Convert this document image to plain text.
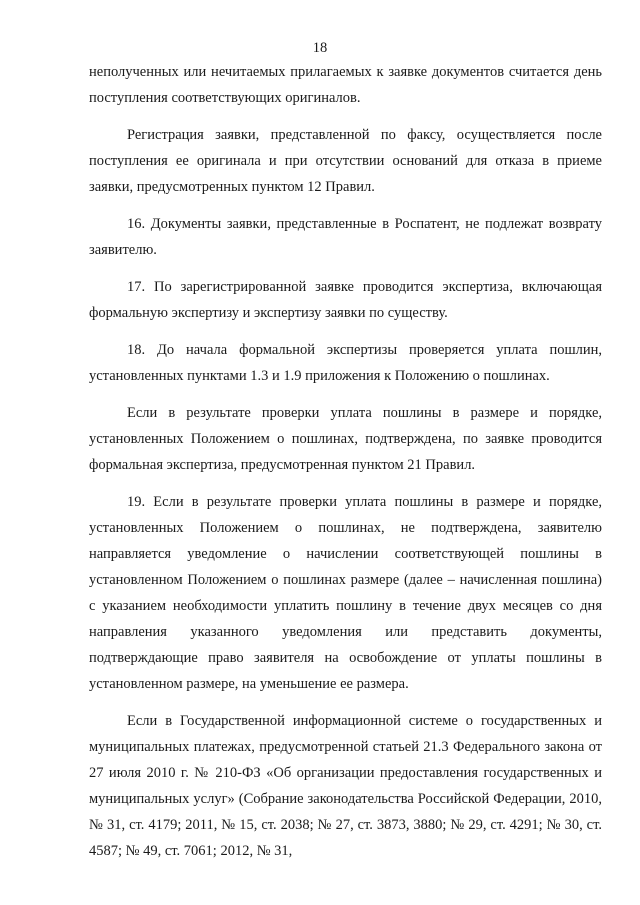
18

неполученных или нечитаемых прилагаемых к заявке документов считается день поступления соответствующих оригиналов.

Регистрация заявки, представленной по факсу, осуществляется после поступления ее оригинала и при отсутствии оснований для отказа в приеме заявки, предусмотренных пунктом 12 Правил.

16. Документы заявки, представленные в Роспатент, не подлежат возврату заявителю.

17. По зарегистрированной заявке проводится экспертиза, включающая формальную экспертизу и экспертизу заявки по существу.

18. До начала формальной экспертизы проверяется уплата пошлин, установленных пунктами 1.3 и 1.9 приложения к Положению о пошлинах.

Если в результате проверки уплата пошлины в размере и порядке, установленных Положением о пошлинах, подтверждена, по заявке проводится формальная экспертиза, предусмотренная пунктом 21 Правил.

19. Если в результате проверки уплата пошлины в размере и порядке, установленных Положением о пошлинах, не подтверждена, заявителю направляется уведомление о начислении соответствующей пошлины в установленном Положением о пошлинах размере (далее – начисленная пошлина) с указанием необходимости уплатить пошлину в течение двух месяцев со дня направления указанного уведомления или представить документы, подтверждающие право заявителя на освобождение от уплаты пошлины в установленном размере, на уменьшение ее размера.

Если в Государственной информационной системе о государственных и муниципальных платежах, предусмотренной статьей 21.3 Федерального закона от 27 июля 2010 г. № 210-ФЗ «Об организации предоставления государственных и муниципальных услуг» (Собрание законодательства Российской Федерации, 2010, № 31, ст. 4179; 2011, № 15, ст. 2038; № 27, ст. 3873, 3880; № 29, ст. 4291; № 30, ст. 4587; № 49, ст. 7061; 2012, № 31,
